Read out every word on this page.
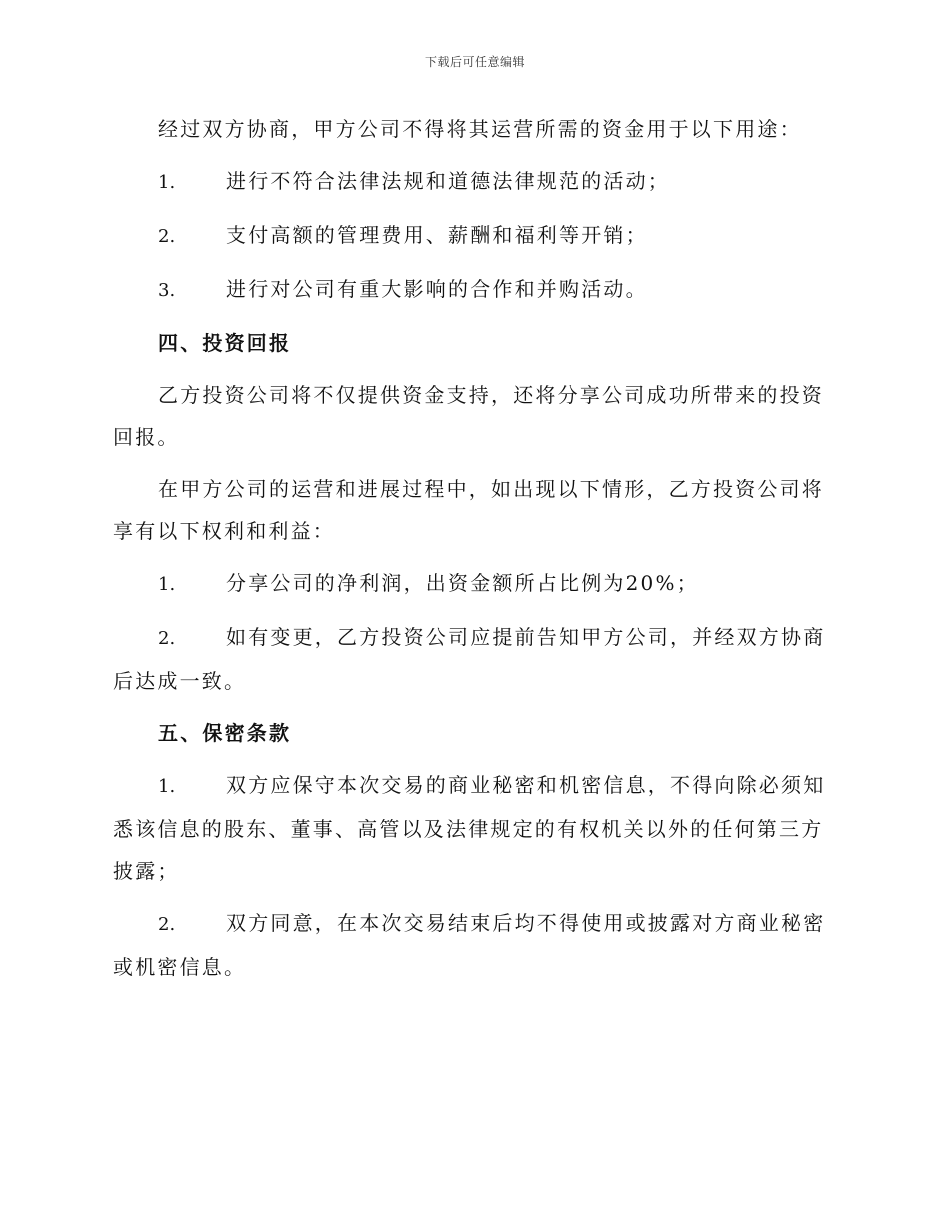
下载后可任意编辑

经过双方协商，甲方公司不得将其运营所需的资金用于以下用途：

1.	进行不符合法律法规和道德法律规范的活动；

2.	支付高额的管理费用、薪酬和福利等开销；

3.	进行对公司有重大影响的合作和并购活动。

四、投资回报

乙方投资公司将不仅提供资金支持，还将分享公司成功所带来的投资回报。

在甲方公司的运营和进展过程中，如出现以下情形，乙方投资公司将享有以下权利和利益：

1.	分享公司的净利润，出资金额所占比例为20%；

2.	如有变更，乙方投资公司应提前告知甲方公司，并经双方协商后达成一致。

五、保密条款

1.	双方应保守本次交易的商业秘密和机密信息，不得向除必须知悉该信息的股东、董事、高管以及法律规定的有权机关以外的任何第三方披露；

2.	双方同意，在本次交易结束后均不得使用或披露对方商业秘密或机密信息。
